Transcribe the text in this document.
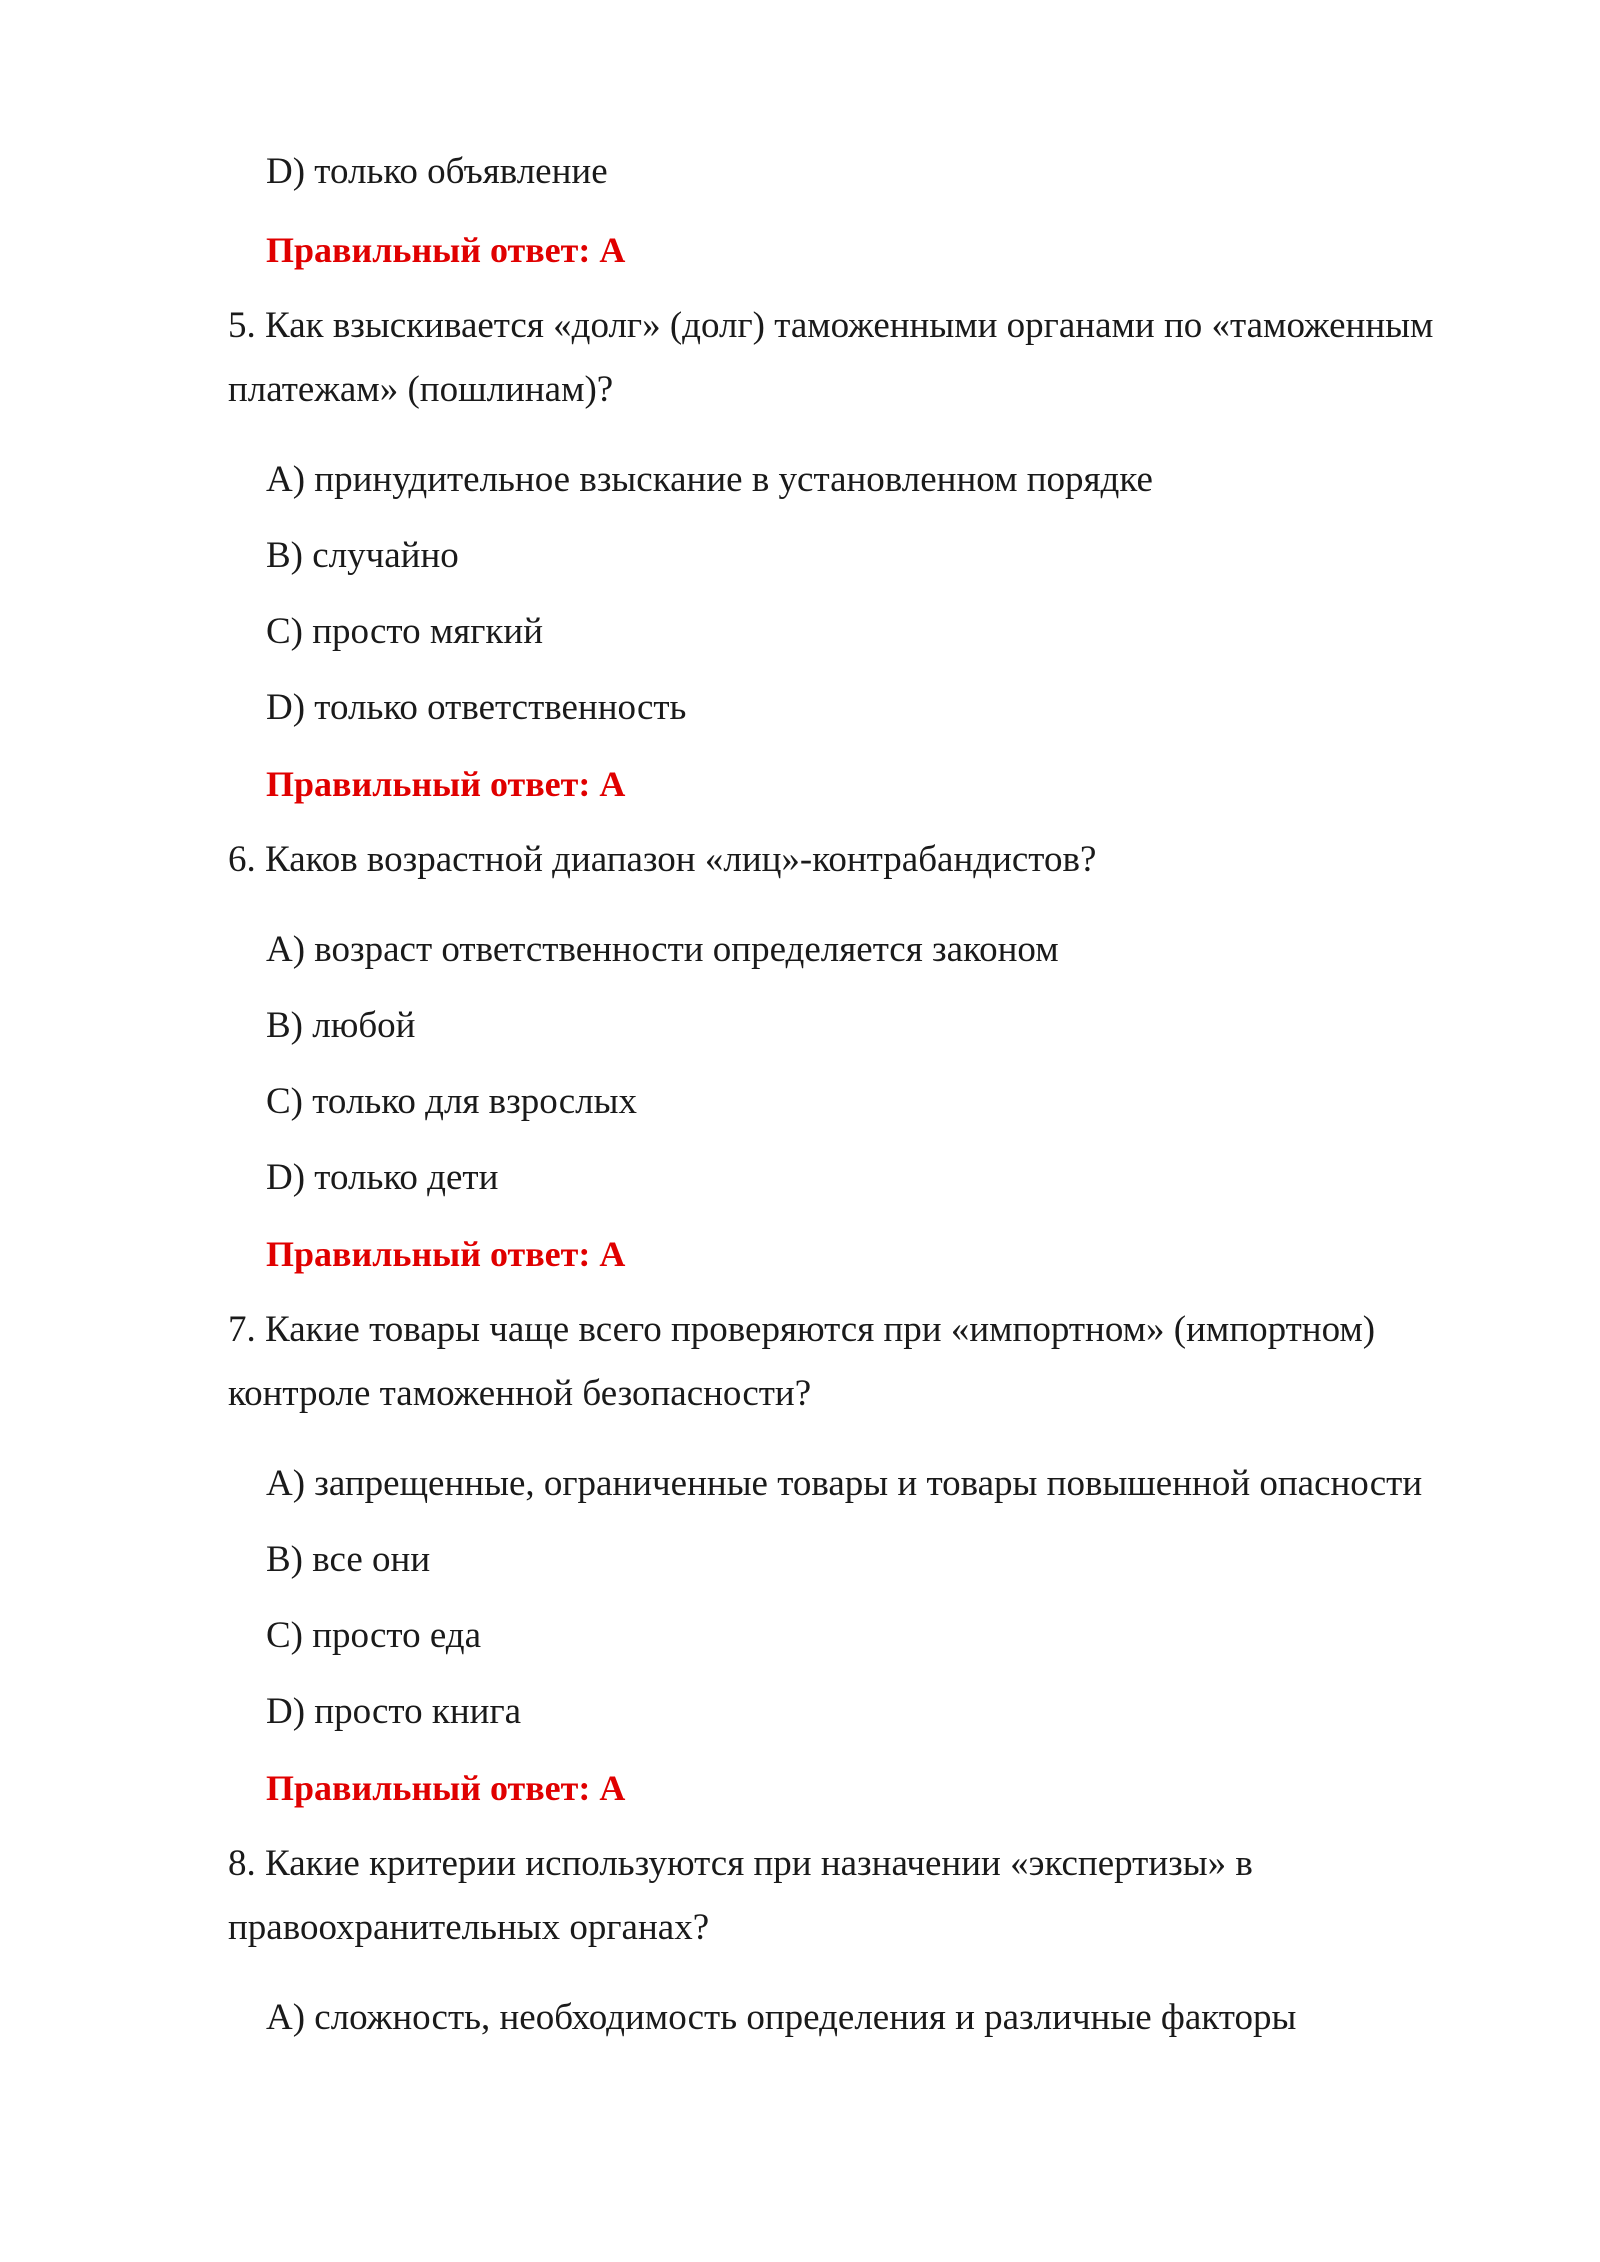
D) только объявление

Правильный ответ: А

5. Как взыскивается «долг» (долг) таможенными органами по «таможенным

платежам» (пошлинам)?

А) принудительное взыскание в установленном порядке

B) случайно

C) просто мягкий

D) только ответственность

Правильный ответ: А

6. Каков возрастной диапазон «лиц»-контрабандистов?

А) возраст ответственности определяется законом

B) любой

C) только для взрослых

D) только дети

Правильный ответ: А

7. Какие товары чаще всего проверяются при «импортном» (импортном)

контроле таможенной безопасности?

А) запрещенные, ограниченные товары и товары повышенной опасности

B) все они

C) просто еда

D) просто книга

Правильный ответ: А

8. Какие критерии используются при назначении «экспертизы» в

правоохранительных органах?

А) сложность, необходимость определения и различные факторы
